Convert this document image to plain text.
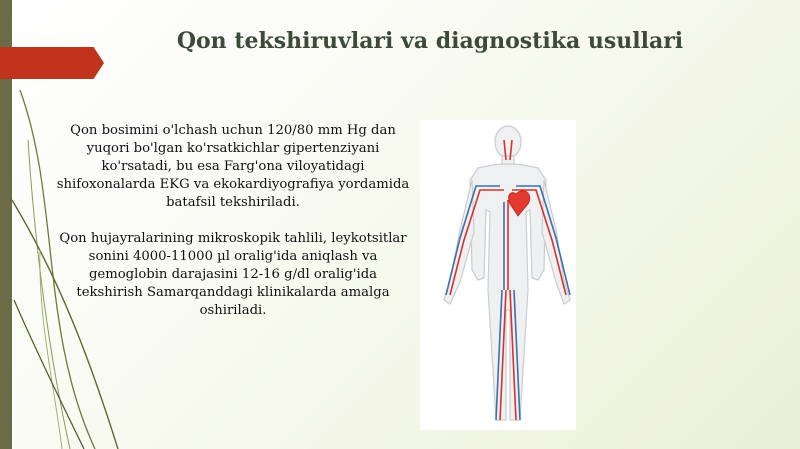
Qon tekshiruvlari va diagnostika usullari

Qon bosimini o'lchash uchun 120/80 mm Hg dan yuqori bo'lgan ko'rsatkichlar gipertenziyani ko'rsatadi, bu esa Farg'ona viloyatidagi shifoxonalarda EKG va ekokardiyografiya yordamida batafsil tekshiriladi.

Qon hujayralarining mikroskopik tahlili, leykotsitlar sonini 4000-11000 µl oralig'ida aniqlash va gemoglobin darajasini 12-16 g/dl oralig'ida tekshirish Samarqanddagi klinikalarda amalga oshiriladi.
